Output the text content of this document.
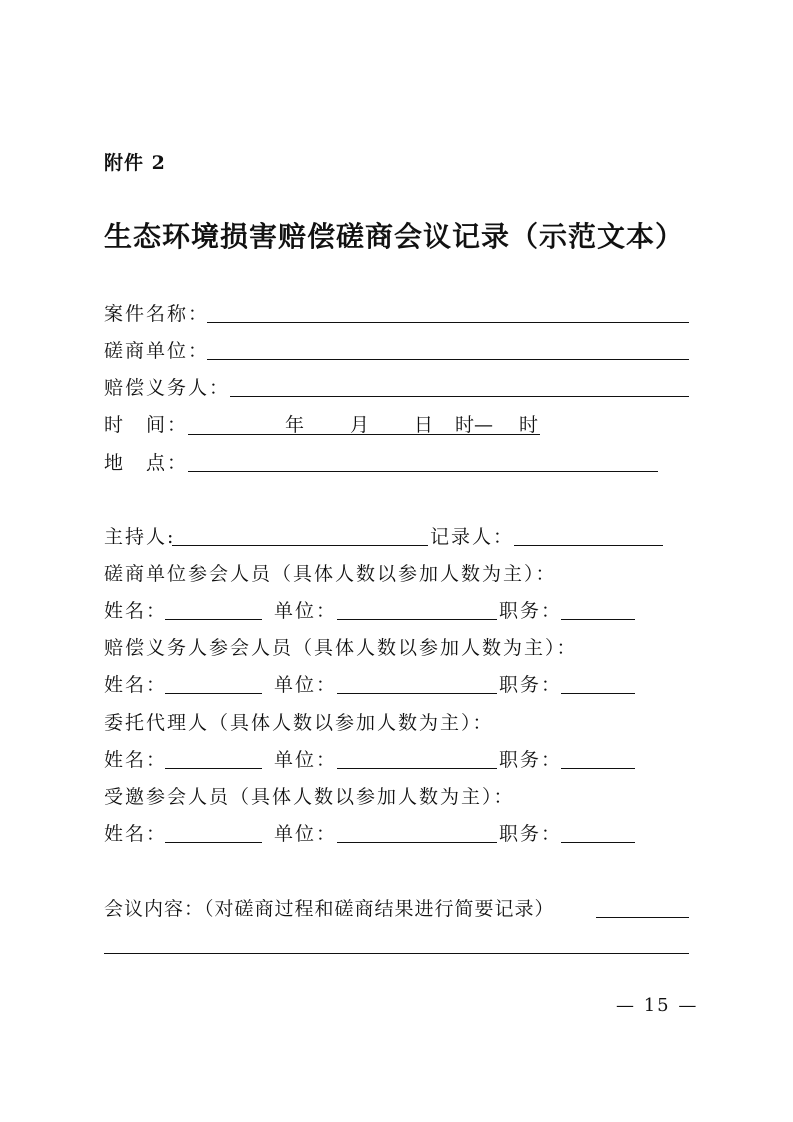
附件 2
生态环境损害赔偿磋商会议记录（示范文本）
案件名称：
磋商单位：
赔偿义务人：
时　间：	年 月 日 时— 时
地　点：
主持人:	记录人：
磋商单位参会人员（具体人数以参加人数为主）：
姓名：	单位：	职务：
赔偿义务人参会人员（具体人数以参加人数为主）：
姓名：	单位：	职务：
委托代理人（具体人数以参加人数为主）：
姓名：	单位：	职务：
受邀参会人员（具体人数以参加人数为主）：
姓名：	单位：	职务：
会议内容：（对磋商过程和磋商结果进行简要记录）
— 15 —
